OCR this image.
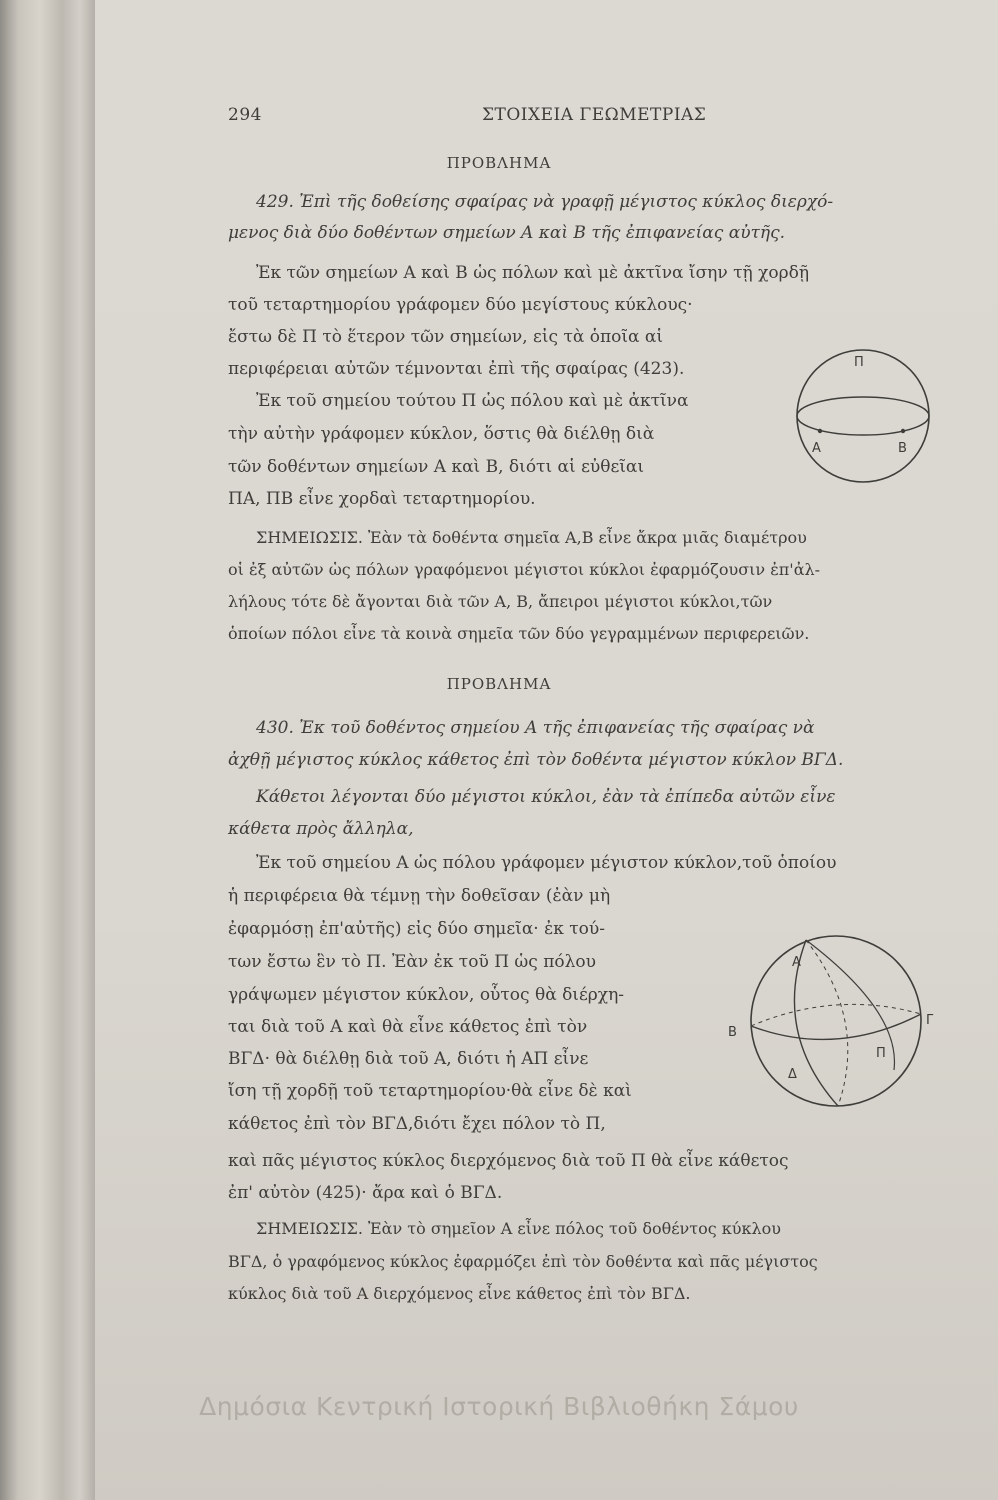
294	ΣΤΟΙΧΕΙΑ ΓΕΩΜΕΤΡΙΑΣ
ΠΡΟΒΛΗΜΑ
429. Ἐπὶ τῆς δοθείσης σφαίρας νὰ γραφῇ μέγιστος κύκλος διερχό-
μενος διὰ δύο δοθέντων σημείων Α καὶ Β τῆς ἐπιφανείας αὐτῆς.
Ἐκ τῶν σημείων Α καὶ Β ὡς πόλων καὶ μὲ ἀκτῖνα ἴσην τῇ χορδῇ
τοῦ τεταρτημορίου γράφομεν δύο μεγίστους κύκλους·
ἔστω δὲ Π τὸ ἕτερον τῶν σημείων, εἰς τὰ ὁποῖα αἱ
περιφέρειαι αὐτῶν τέμνονται ἐπὶ τῆς σφαίρας (423).
Ἐκ τοῦ σημείου τούτου Π ὡς πόλου καὶ μὲ ἀκτῖνα
τὴν αὐτὴν γράφομεν κύκλον, ὅστις θὰ διέλθῃ διὰ
τῶν δοθέντων σημείων Α καὶ Β, διότι αἱ εὐθεῖαι
ΠΑ, ΠΒ εἶνε χορδαὶ τεταρτημορίου.
ΣΗΜΕΙΩΣΙΣ. Ἐὰν τὰ δοθέντα σημεῖα Α,Β εἶνε ἄκρα μιᾶς διαμέτρου
οἱ ἐξ αὐτῶν ὡς πόλων γραφόμενοι μέγιστοι κύκλοι ἐφαρμόζουσιν ἐπ'ἀλ-
λήλους τότε δὲ ἄγονται διὰ τῶν Α, Β, ἄπειροι μέγιστοι κύκλοι,τῶν
ὁποίων πόλοι εἶνε τὰ κοινὰ σημεῖα τῶν δύο γεγραμμένων περιφερειῶν.
Π
Α	Β
ΠΡΟΒΛΗΜΑ
430. Ἐκ τοῦ δοθέντος σημείου Α τῆς ἐπιφανείας τῆς σφαίρας νὰ
ἀχθῇ μέγιστος κύκλος κάθετος ἐπὶ τὸν δοθέντα μέγιστον κύκλον ΒΓΔ.
Κάθετοι λέγονται δύο μέγιστοι κύκλοι, ἐὰν τὰ ἐπίπεδα αὐτῶν εἶνε
κάθετα πρὸς ἄλληλα,
Ἐκ τοῦ σημείου Α ὡς πόλου γράφομεν μέγιστον κύκλον,τοῦ ὁποίου
ἡ περιφέρεια θὰ τέμνῃ τὴν δοθεῖσαν (ἐὰν μὴ
ἐφαρμόσῃ ἐπ'αὐτῆς) εἰς δύο σημεῖα· ἐκ τού-
των ἔστω ἓν τὸ Π. Ἐὰν ἐκ τοῦ Π ὡς πόλου
γράψωμεν μέγιστον κύκλον, οὗτος θὰ διέρχη-
ται διὰ τοῦ Α καὶ θὰ εἶνε κάθετος ἐπὶ τὸν
ΒΓΔ· θὰ διέλθῃ διὰ τοῦ Α, διότι ἡ ΑΠ εἶνε
ἴση τῇ χορδῇ τοῦ τεταρτημορίου·θὰ εἶνε δὲ καὶ
κάθετος ἐπὶ τὸν ΒΓΔ,διότι ἔχει πόλον τὸ Π,
καὶ πᾶς μέγιστος κύκλος διερχόμενος διὰ τοῦ Π θὰ εἶνε κάθετος
ἐπ' αὐτὸν (425)· ἄρα καὶ ὁ ΒΓΔ.
ΣΗΜΕΙΩΣΙΣ. Ἐὰν τὸ σημεῖον Α εἶνε πόλος τοῦ δοθέντος κύκλου
ΒΓΔ, ὁ γραφόμενος κύκλος ἐφαρμόζει ἐπὶ τὸν δοθέντα καὶ πᾶς μέγιστος
κύκλος διὰ τοῦ Α διερχόμενος εἶνε κάθετος ἐπὶ τὸν ΒΓΔ.
Α
Β
Γ
Δ
Π
Δημόσια Κεντρική Ιστορική Βιβλιοθήκη Σάμου
